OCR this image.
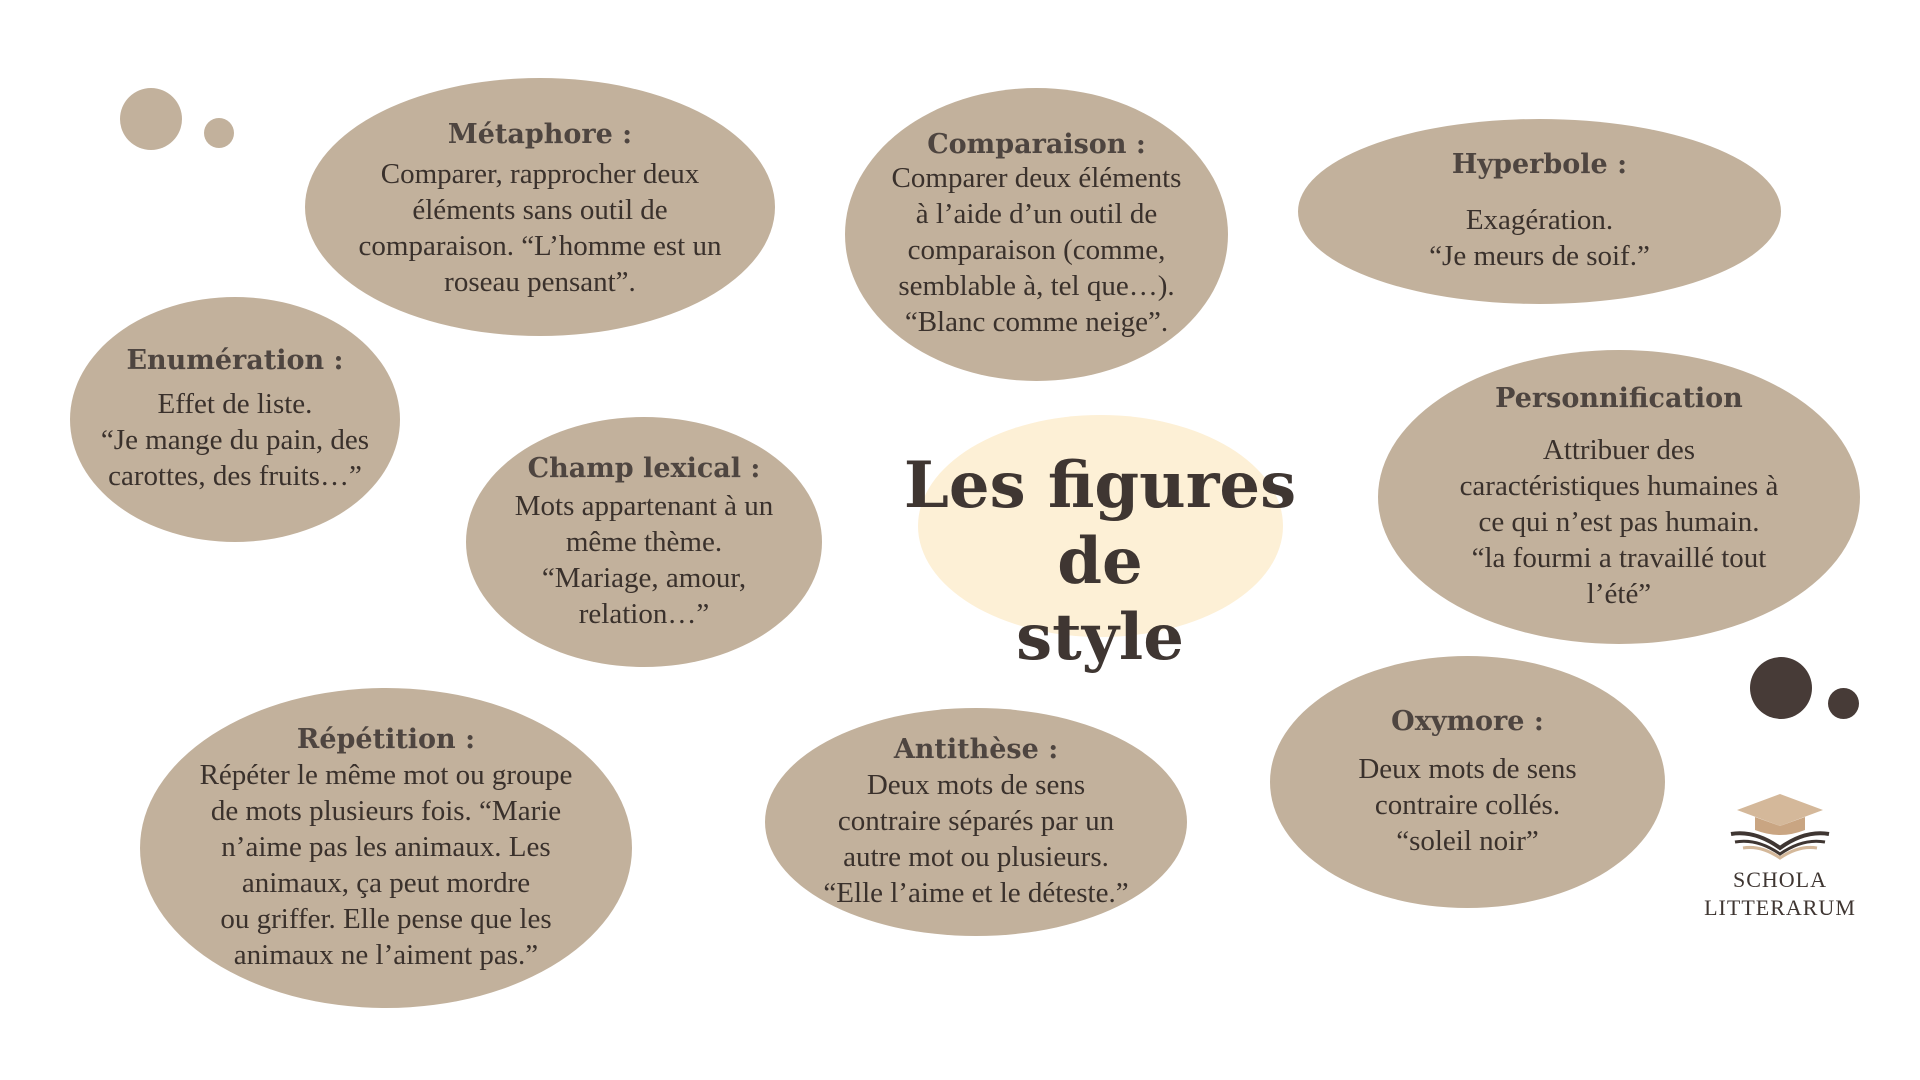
Les figures de
style
Métaphore :
Comparer, rapprocher deux
éléments sans outil de
comparaison. “L’homme est un
roseau pensant”.
Comparaison :
Comparer deux éléments
à l’aide d’un outil de
comparaison (comme,
semblable à, tel que…).
“Blanc comme neige”.
Hyperbole :
Exagération.
“Je meurs de soif.”
Enumération :
Effet de liste.
“Je mange du pain, des
carottes, des fruits…”	Champ lexical :
Mots appartenant à un
même thème.
“Mariage, amour,
relation…”
Personnification
Attribuer des
caractéristiques humaines à
ce qui n’est pas humain.
“la fourmi a travaillé tout
l’été”
Répétition :
Répéter le même mot ou groupe
de mots plusieurs fois. “Marie
n’aime pas les animaux. Les
animaux, ça peut mordre
ou griffer. Elle pense que les
animaux ne l’aiment pas.”
Antithèse :
Deux mots de sens
contraire séparés par un
autre mot ou plusieurs.
“Elle l’aime et le déteste.”
Oxymore :
Deux mots de sens
contraire collés.
“soleil noir”
SCHOLA
LITTERARUM
